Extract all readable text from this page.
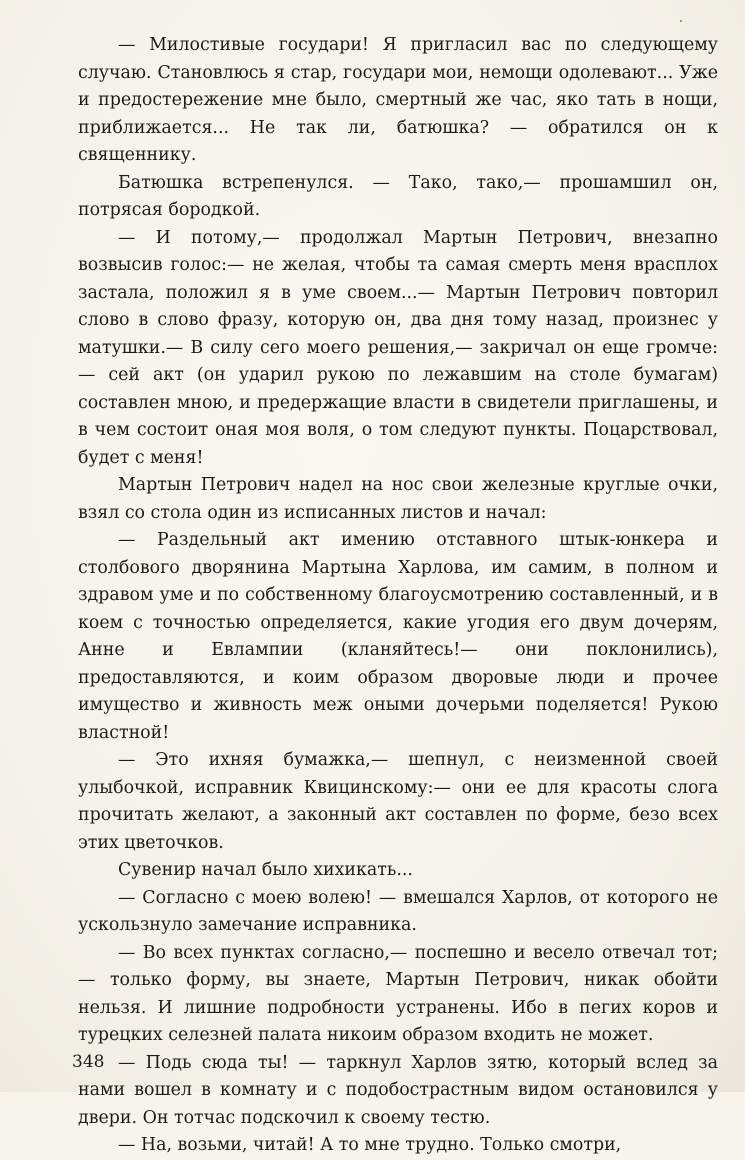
— Милостивые государи! Я пригласил вас по следующему случаю. Становлюсь я стар, государи мои, немощи одолевают... Уже и предостережение мне было, смертный же час, яко тать в нощи, приближается... Не так ли, батюшка? — обратился он к священнику.

Батюшка встрепенулся. — Тако, тако,— прошамшил он, потрясая бородкой.

— И потому,— продолжал Мартын Петрович, внезапно возвысив голос:— не желая, чтобы та самая смерть меня врасплох застала, положил я в уме своем...— Мартын Петрович повторил слово в слово фразу, которую он, два дня тому назад, произнес у матушки.— В силу сего моего решения,— закричал он еще громче: — сей акт (он ударил рукою по лежавшим на столе бумагам) составлен мною, и предержащие власти в свидетели приглашены, и в чем состоит оная моя воля, о том следуют пункты. Поцарствовал, будет с меня!

Мартын Петрович надел на нос свои железные круглые очки, взял со стола один из исписанных листов и начал:

— Раздельный акт имению отставного штык-юнкера и столбового дворянина Мартына Харлова, им самим, в полном и здравом уме и по собственному благоусмотрению составленный, и в коем с точностью определяется, какие угодия его двум дочерям, Анне и Евлампии (кланяйтесь!— они поклонились), предоставляются, и коим образом дворовые люди и прочее имущество и живность меж оными дочерьми поделяется! Рукою властной!

— Это ихняя бумажка,— шепнул, с неизменной своей улыбочкой, исправник Квицинскому:— они ее для красоты слога прочитать желают, а законный акт составлен по форме, безо всех этих цветочков.

Сувенир начал было хихикать...

— Согласно с моею волею! — вмешался Харлов, от которого не ускользнуло замечание исправника.

— Во всех пунктах согласно,— поспешно и весело отвечал тот; — только форму, вы знаете, Мартын Петрович, никак обойти нельзя. И лишние подробности устранены. Ибо в пегих коров и турецких селезней палата никоим образом входить не может.

— Подь сюда ты! — таркнул Харлов зятю, который вслед за нами вошел в комнату и с подобострастным видом остановился у двери. Он тотчас подскочил к своему тестю.

— На, возьми, читай! А то мне трудно. Только смотри,

348
